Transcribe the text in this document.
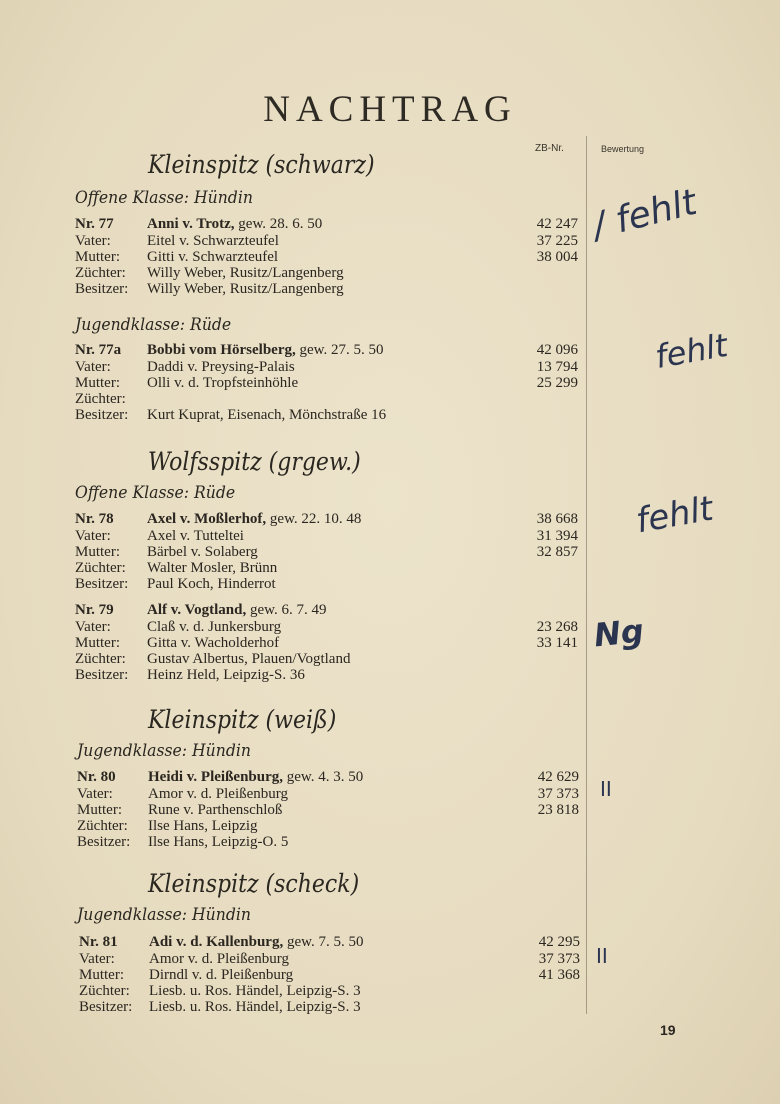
NACHTRAG
ZB-Nr.	Bewertung
Kleinspitz (schwarz)
Offene Klasse: Hündin
Nr. 77 Anni v. Trotz, gew. 28. 6. 50	42 247
Vater: Eitel v. Schwarzteufel	37 225
Mutter: Gitti v. Schwarzteufel	38 004
Züchter: Willy Weber, Rusitz/Langenberg
Besitzer: Willy Weber, Rusitz/Langenberg
/ fehlt
Jugendklasse: Rüde
Nr. 77a Bobbi vom Hörselberg, gew. 27. 5. 50	42 096
Vater: Daddi v. Preysing-Palais	13 794
Mutter: Olli v. d. Tropfsteinhöhle	25 299
Züchter:
Besitzer: Kurt Kuprat, Eisenach, Mönchstraße 16
fehlt
Wolfsspitz (grgew.)
Offene Klasse: Rüde
Nr. 78 Axel v. Moßlerhof, gew. 22. 10. 48	38 668
Vater: Axel v. Tutteltei	31 394
Mutter: Bärbel v. Solaberg	32 857
Züchter: Walter Mosler, Brünn
Besitzer: Paul Koch, Hinderrot
fehlt
Nr. 79 Alf v. Vogtland, gew. 6. 7. 49
Vater: Claß v. d. Junkersburg	23 268
Mutter: Gitta v. Wacholderhof	33 141
Züchter: Gustav Albertus, Plauen/Vogtland
Besitzer: Heinz Held, Leipzig-S. 36
Ng
Kleinspitz (weiß)
Jugendklasse: Hündin
Nr. 80 Heidi v. Pleißenburg, gew. 4. 3. 50	42 629
Vater: Amor v. d. Pleißenburg	37 373
Mutter: Rune v. Parthenschloß	23 818
Züchter: Ilse Hans, Leipzig
Besitzer: Ilse Hans, Leipzig-O. 5
II
Kleinspitz (scheck)
Jugendklasse: Hündin
Nr. 81 Adi v. d. Kallenburg, gew. 7. 5. 50	42 295
Vater: Amor v. d. Pleißenburg	37 373
Mutter: Dirndl v. d. Pleißenburg	41 368
Züchter: Liesb. u. Ros. Händel, Leipzig-S. 3
Besitzer: Liesb. u. Ros. Händel, Leipzig-S. 3
II
19
